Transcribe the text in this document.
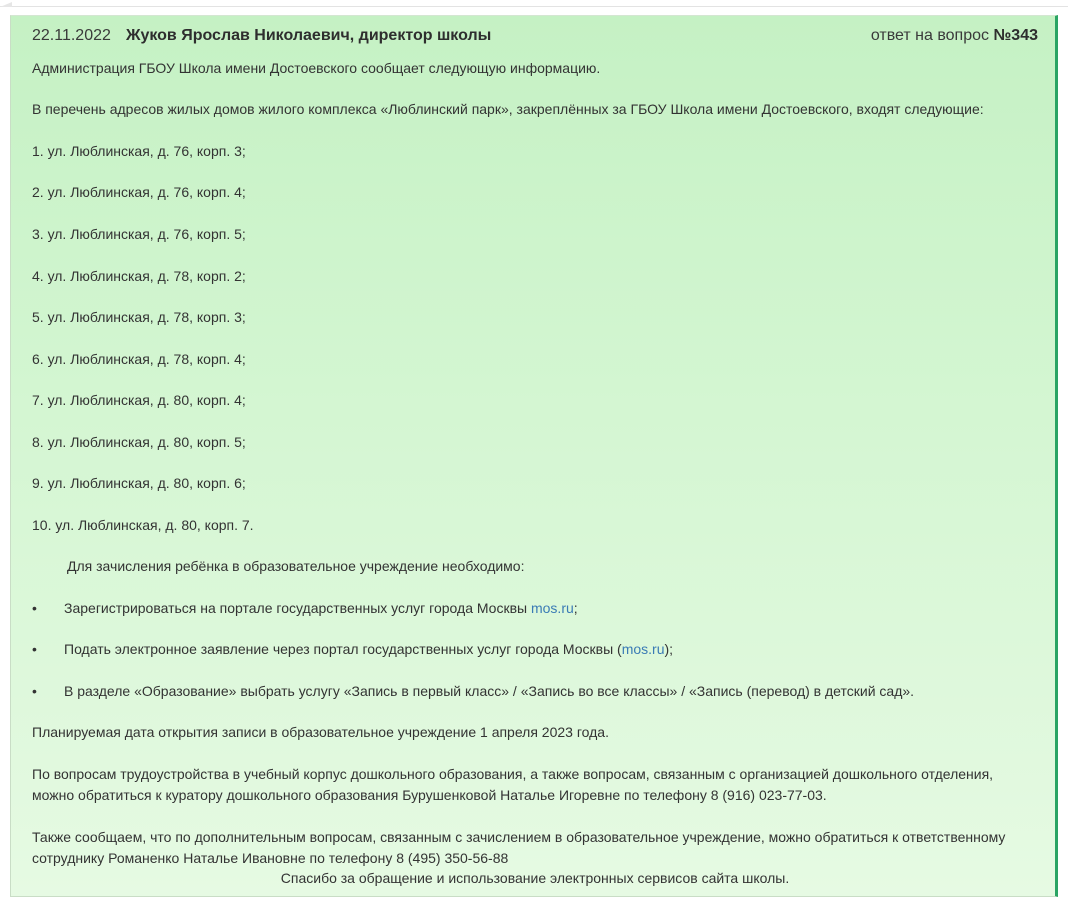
22.11.2022 Жуков Ярослав Николаевич, директор школы	ответ на вопрос №343
Администрация ГБОУ Школа имени Достоевского сообщает следующую информацию.
В перечень адресов жилых домов жилого комплекса «Люблинский парк», закреплённых за ГБОУ Школа имени Достоевского, входят следующие:
1. ул. Люблинская, д. 76, корп. 3;
2. ул. Люблинская, д. 76, корп. 4;
3. ул. Люблинская, д. 76, корп. 5;
4. ул. Люблинская, д. 78, корп. 2;
5. ул. Люблинская, д. 78, корп. 3;
6. ул. Люблинская, д. 78, корп. 4;
7. ул. Люблинская, д. 80, корп. 4;
8. ул. Люблинская, д. 80, корп. 5;
9. ул. Люблинская, д. 80, корп. 6;
10. ул. Люблинская, д. 80, корп. 7.
Для зачисления ребёнка в образовательное учреждение необходимо:
• Зарегистрироваться на портале государственных услуг города Москвы mos.ru;
• Подать электронное заявление через портал государственных услуг города Москвы (mos.ru);
• В разделе «Образование» выбрать услугу «Запись в первый класс» / «Запись во все классы» / «Запись (перевод) в детский сад».
Планируемая дата открытия записи в образовательное учреждение 1 апреля 2023 года.
По вопросам трудоустройства в учебный корпус дошкольного образования, а также вопросам, связанным с организацией дошкольного отделения, можно обратиться к куратору дошкольного образования Бурушенковой Наталье Игоревне по телефону 8 (916) 023-77-03.
Также сообщаем, что по дополнительным вопросам, связанным с зачислением в образовательное учреждение, можно обратиться к ответственному сотруднику Романенко Наталье Ивановне по телефону 8 (495) 350-56-88
Спасибо за обращение и использование электронных сервисов сайта школы.
